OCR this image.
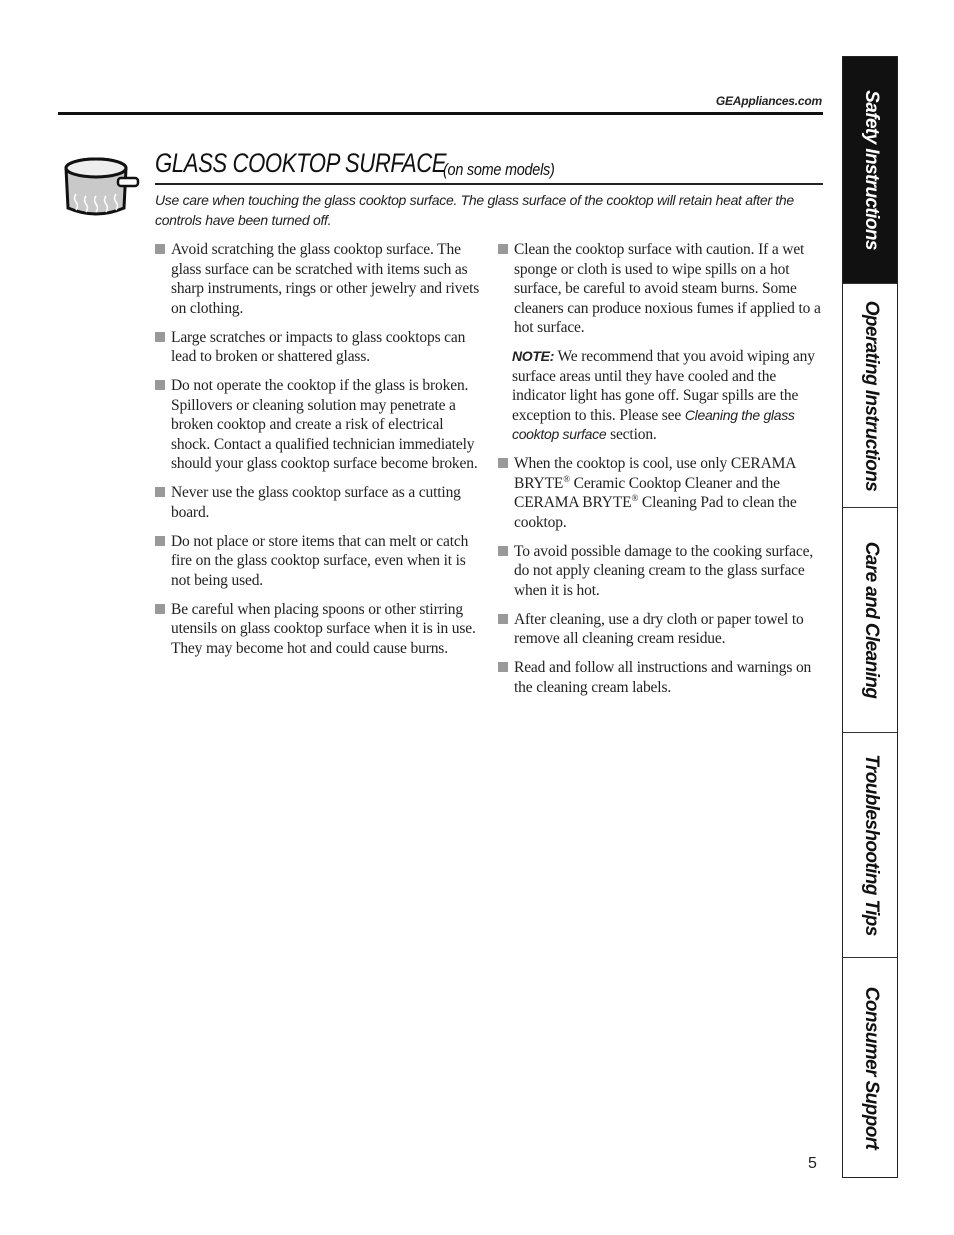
GEAppliances.com
GLASS COOKTOP SURFACE
(on some models)
Use care when touching the glass cooktop surface. The glass surface of the cooktop will retain heat after the controls have been turned off.
Avoid scratching the glass cooktop surface. The glass surface can be scratched with items such as sharp instruments, rings or other jewelry and rivets on clothing.
Large scratches or impacts to glass cooktops can lead to broken or shattered glass.
Do not operate the cooktop if the glass is broken. Spillovers or cleaning solution may penetrate a broken cooktop and create a risk of electrical shock. Contact a qualified technician immediately should your glass cooktop surface become broken.
Never use the glass cooktop surface as a cutting board.
Do not place or store items that can melt or catch fire on the glass cooktop surface, even when it is not being used.
Be careful when placing spoons or other stirring utensils on glass cooktop surface when it is in use. They may become hot and could cause burns.
Clean the cooktop surface with caution. If a wet sponge or cloth is used to wipe spills on a hot surface, be careful to avoid steam burns. Some cleaners can produce noxious fumes if applied to a hot surface.
NOTE: We recommend that you avoid wiping any surface areas until they have cooled and the indicator light has gone off. Sugar spills are the exception to this. Please see Cleaning the glass cooktop surface section.
When the cooktop is cool, use only CERAMA BRYTE® Ceramic Cooktop Cleaner and the CERAMA BRYTE® Cleaning Pad to clean the cooktop.
To avoid possible damage to the cooking surface, do not apply cleaning cream to the glass surface when it is hot.
After cleaning, use a dry cloth or paper towel to remove all cleaning cream residue.
Read and follow all instructions and warnings on the cleaning cream labels.
Safety Instructions
Operating Instructions
Care and Cleaning
Troubleshooting Tips
Consumer Support
5
